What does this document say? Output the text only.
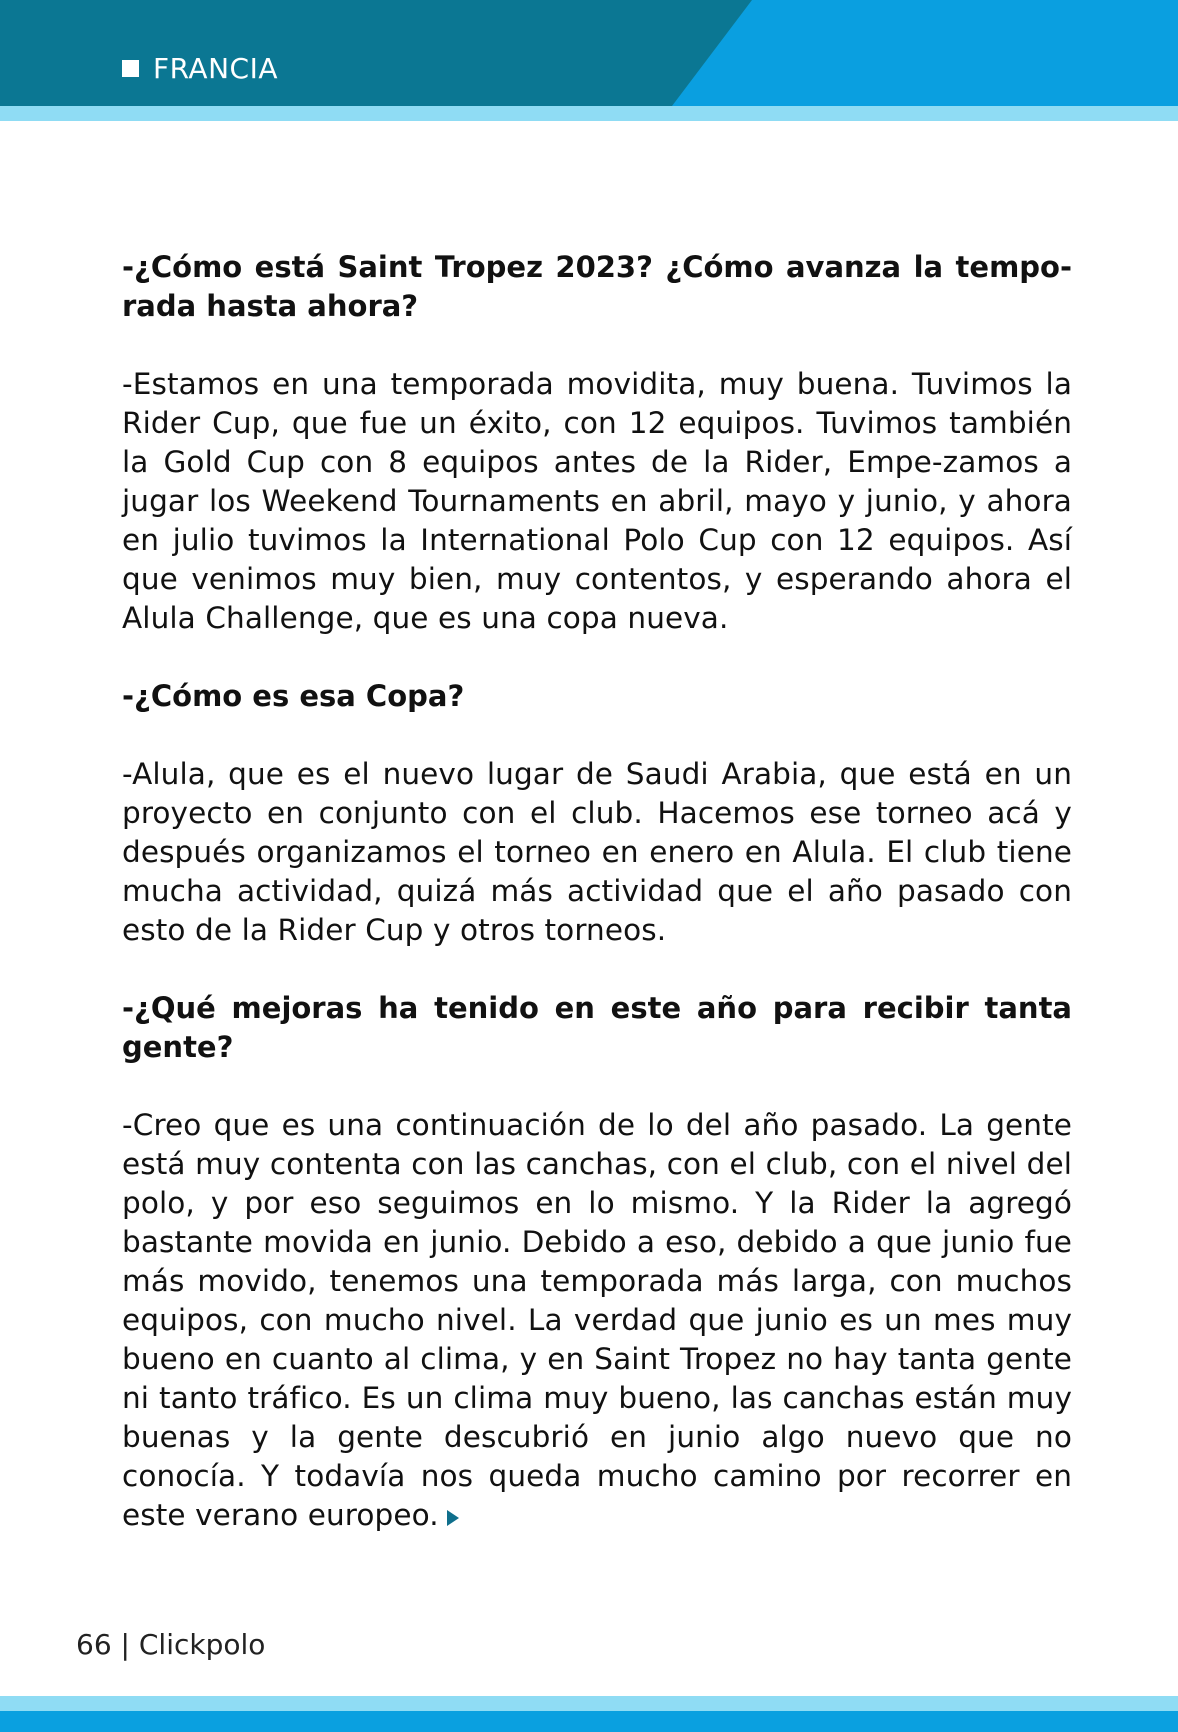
FRANCIA

-¿Cómo está Saint Tropez 2023? ¿Cómo avanza la tempo-rada hasta ahora?

-Estamos en una temporada movidita, muy buena. Tuvimos la Rider Cup, que fue un éxito, con 12 equipos. Tuvimos también la Gold Cup con 8 equipos antes de la Rider, Empe-zamos a jugar los Weekend Tournaments en abril, mayo y junio, y ahora en julio tuvimos la International Polo Cup con 12 equipos. Así que venimos muy bien, muy contentos, y esperando ahora el Alula Challenge, que es una copa nueva.

-¿Cómo es esa Copa?

-Alula, que es el nuevo lugar de Saudi Arabia, que está en un proyecto en conjunto con el club. Hacemos ese torneo acá y después organizamos el torneo en enero en Alula. El club tiene mucha actividad, quizá más actividad que el año pasado con esto de la Rider Cup y otros torneos.

-¿Qué mejoras ha tenido en este año para recibir tanta gente?

-Creo que es una continuación de lo del año pasado. La gente está muy contenta con las canchas, con el club, con el nivel del polo, y por eso seguimos en lo mismo. Y la Rider la agregó bastante movida en junio. Debido a eso, debido a que junio fue más movido, tenemos una temporada más larga, con muchos equipos, con mucho nivel. La verdad que junio es un mes muy bueno en cuanto al clima, y en Saint Tropez no hay tanta gente ni tanto tráfico. Es un clima muy bueno, las canchas están muy buenas y la gente descubrió en junio algo nuevo que no conocía. Y todavía nos queda mucho camino por recorrer en este verano europeo.

66 | Clickpolo
